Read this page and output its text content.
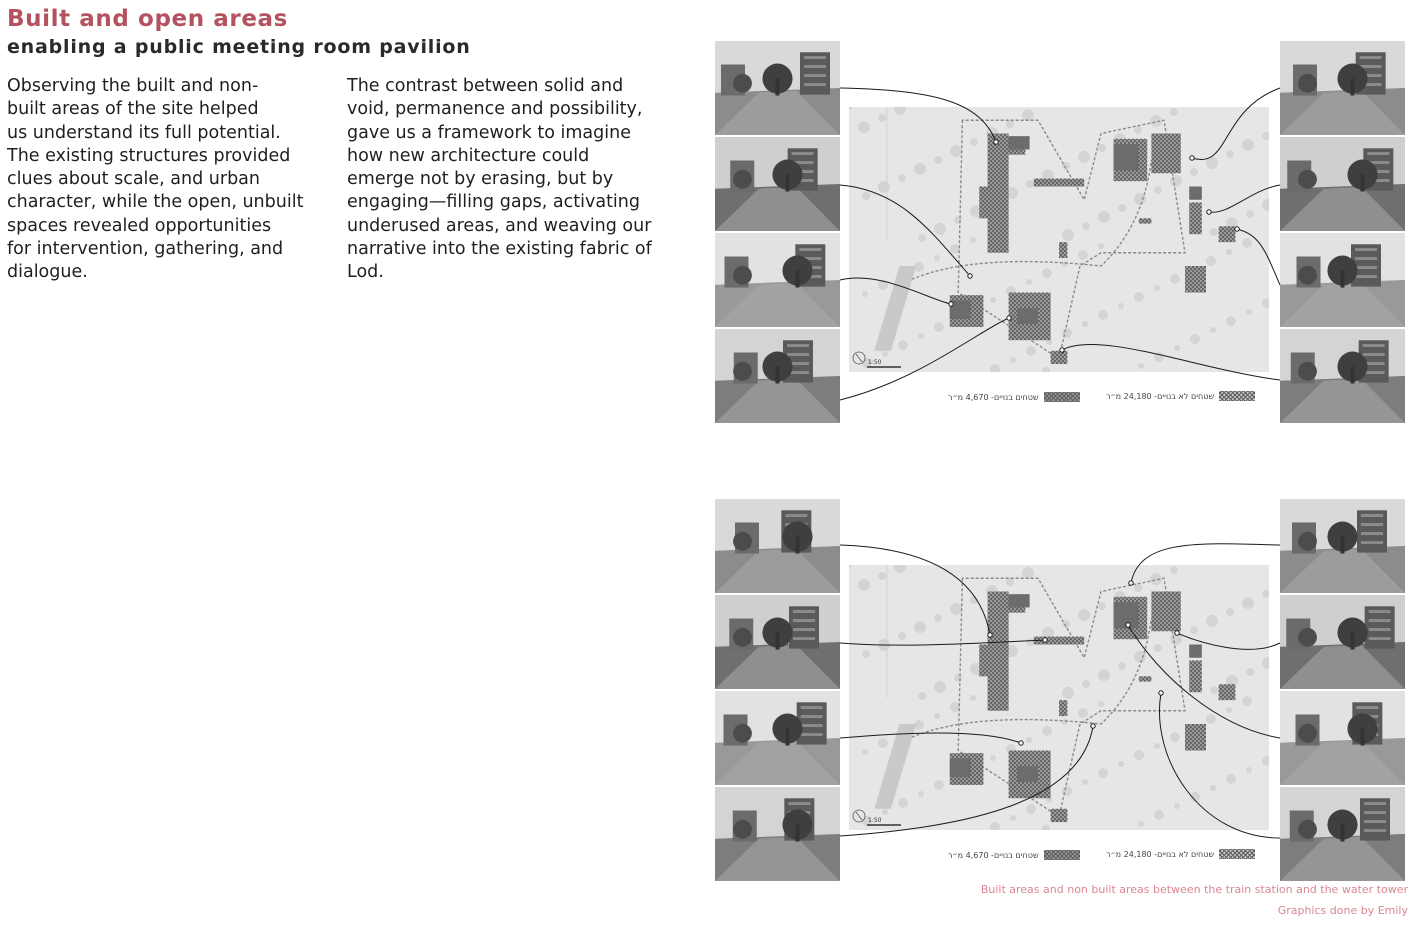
Built and open areas
enabling a public meeting room pavilion

Observing the built and non-
built areas of the site helped
us understand its full potential.
The existing structures provided
clues about scale, and urban
character, while the open, unbuilt
spaces revealed opportunities
for intervention, gathering, and
dialogue.

The contrast between solid and
void, permanence and possibility,
gave us a framework to imagine
how new architecture could
emerge not by erasing, but by
engaging—filling gaps, activating
underused areas, and weaving our
narrative into the existing fabric of
Lod.

1:50
שטחים בנויים- 4,670 מ״ר	שטחים לא בנויים- 24,180 מ״ר
1:50
שטחים בנויים- 4,670 מ״ר	שטחים לא בנויים- 24,180 מ״ר

Built areas and non built areas between the train station and the water tower

Graphics done by Emily
